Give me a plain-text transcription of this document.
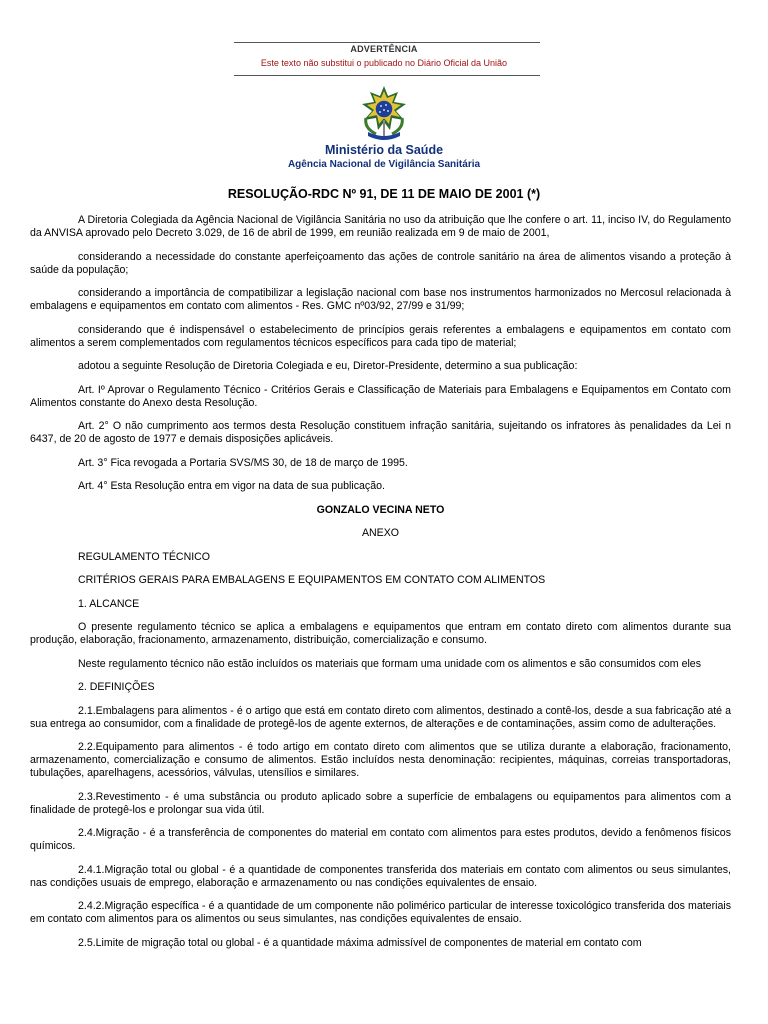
ADVERTÊNCIA
Este texto não substitui o publicado no Diário Oficial da União
Ministério da Saúde
Agência Nacional de Vigilância Sanitária
RESOLUÇÃO-RDC Nº 91, DE 11 DE MAIO DE 2001 (*)

A Diretoria Colegiada da Agência Nacional de Vigilância Sanitária no uso da atribuição que lhe confere o art. 11, inciso IV, do Regulamento da ANVISA aprovado pelo Decreto 3.029, de 16 de abril de 1999, em reunião realizada em 9 de maio de 2001,

considerando a necessidade do constante aperfeiçoamento das ações de controle sanitário na área de alimentos visando a proteção à saúde da população;

considerando a importância de compatibilizar a legislação nacional com base nos instrumentos harmonizados no Mercosul relacionada à embalagens e equipamentos em contato com alimentos - Res. GMC nº03/92, 27/99 e 31/99;

considerando que é indispensável o estabelecimento de princípios gerais referentes a embalagens e equipamentos em contato com alimentos a serem complementados com regulamentos técnicos específicos para cada tipo de material;

adotou a seguinte Resolução de Diretoria Colegiada e eu, Diretor-Presidente, determino a sua publicação:

Art. Iº Aprovar o Regulamento Técnico - Critérios Gerais e Classificação de Materiais para Embalagens e Equipamentos em Contato com Alimentos constante do Anexo desta Resolução.

Art. 2° O não cumprimento aos termos desta Resolução constituem infração sanitária, sujeitando os infratores às penalidades da Lei n 6437, de 20 de agosto de 1977 e demais disposições aplicáveis.

Art. 3° Fica revogada a Portaria SVS/MS 30, de 18 de março de 1995.

Art. 4° Esta Resolução entra em vigor na data de sua publicação.

GONZALO VECINA NETO

ANEXO

REGULAMENTO TÉCNICO

CRITÉRIOS GERAIS PARA EMBALAGENS E EQUIPAMENTOS EM CONTATO COM ALIMENTOS

1. ALCANCE

O presente regulamento técnico se aplica a embalagens e equipamentos que entram em contato direto com alimentos durante sua produção, elaboração, fracionamento, armazenamento, distribuição, comercialização e consumo.

Neste regulamento técnico não estão incluídos os materiais que formam uma unidade com os alimentos e são consumidos com eles

2. DEFINIÇÕES

2.1.Embalagens para alimentos - é o artigo que está em contato direto com alimentos, destinado a contê-los, desde a sua fabricação até a sua entrega ao consumidor, com a finalidade de protegê-los de agente externos, de alterações e de contaminações, assim como de adulterações.

2.2.Equipamento para alimentos - é todo artigo em contato direto com alimentos que se utiliza durante a elaboração, fracionamento, armazenamento, comercialização e consumo de alimentos. Estão incluídos nesta denominação: recipientes, máquinas, correias transportadoras, tubulações, aparelhagens, acessórios, válvulas, utensílios e similares.

2.3.Revestimento - é uma substância ou produto aplicado sobre a superfície de embalagens ou equipamentos para alimentos com a finalidade de protegê-los e prolongar sua vida útil.

2.4.Migração - é a transferência de componentes do material em contato com alimentos para estes produtos, devido a fenômenos físicos químicos.

2.4.1.Migração total ou global - é a quantidade de componentes transferida dos materiais em contato com alimentos ou seus simulantes, nas condições usuais de emprego, elaboração e armazenamento ou nas condições equivalentes de ensaio.

2.4.2.Migração específica - é a quantidade de um componente não polimérico particular de interesse toxicológico transferida dos materiais em contato com alimentos para os alimentos ou seus simulantes, nas condições equivalentes de ensaio.

2.5.Limite de migração total ou global - é a quantidade máxima admissível de componentes de material em contato com
